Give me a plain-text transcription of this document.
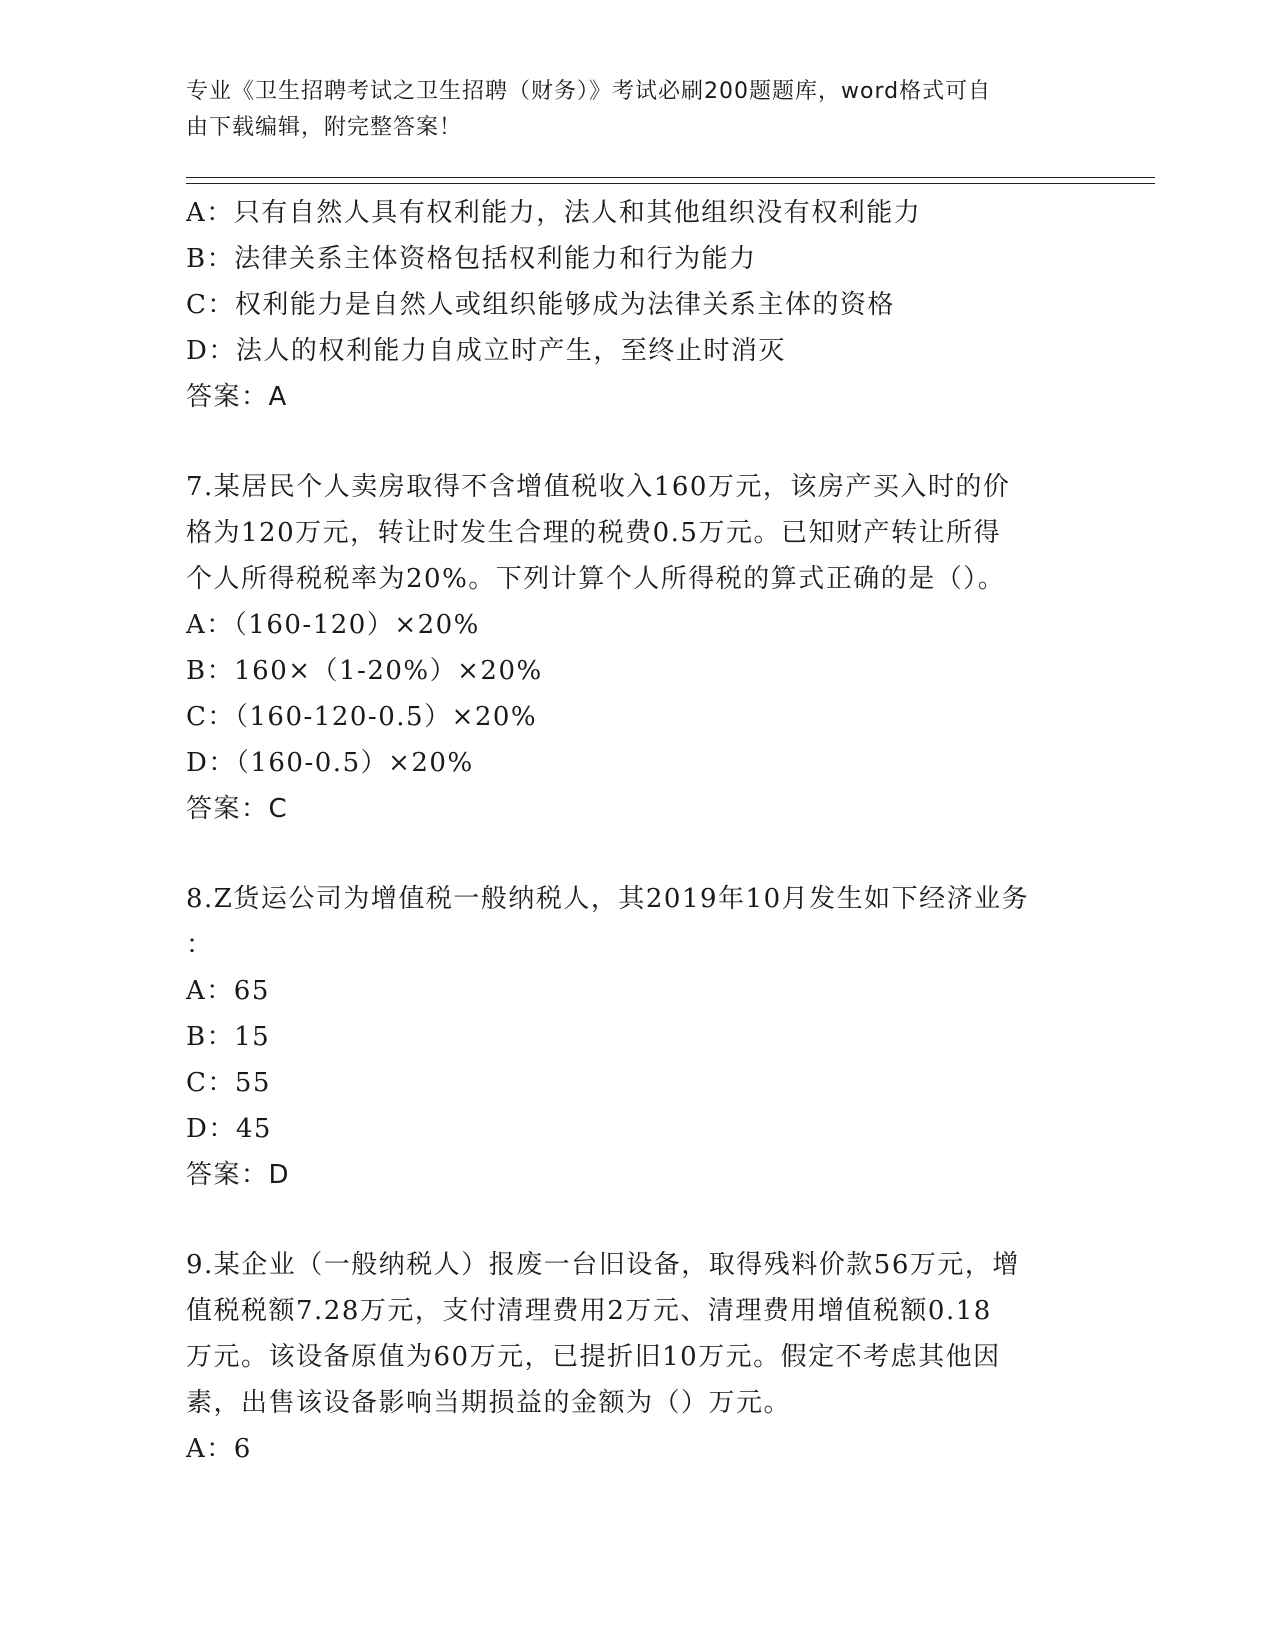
专业《卫生招聘考试之卫生招聘（财务）》考试必刷200题题库，word格式可自
由下载编辑，附完整答案！
A：只有自然人具有权利能力，法人和其他组织没有权利能力
B：法律关系主体资格包括权利能力和行为能力
C：权利能力是自然人或组织能够成为法律关系主体的资格
D：法人的权利能力自成立时产生，至终止时消灭
答案：A
7.某居民个人卖房取得不含增值税收入160万元，该房产买入时的价
格为120万元，转让时发生合理的税费0.5万元。已知财产转让所得
个人所得税税率为20%。下列计算个人所得税的算式正确的是（）。
A：（160-120）×20%
B：160×（1-20%）×20%
C：（160-120-0.5）×20%
D：（160-0.5）×20%
答案：C
8.Z货运公司为增值税一般纳税人，其2019年10月发生如下经济业务
：
A：65
B：15
C：55
D：45
答案：D
9.某企业（一般纳税人）报废一台旧设备，取得残料价款56万元，增
值税税额7.28万元，支付清理费用2万元、清理费用增值税额0.18
万元。该设备原值为60万元，已提折旧10万元。假定不考虑其他因
素，出售该设备影响当期损益的金额为（）万元。
A：6
